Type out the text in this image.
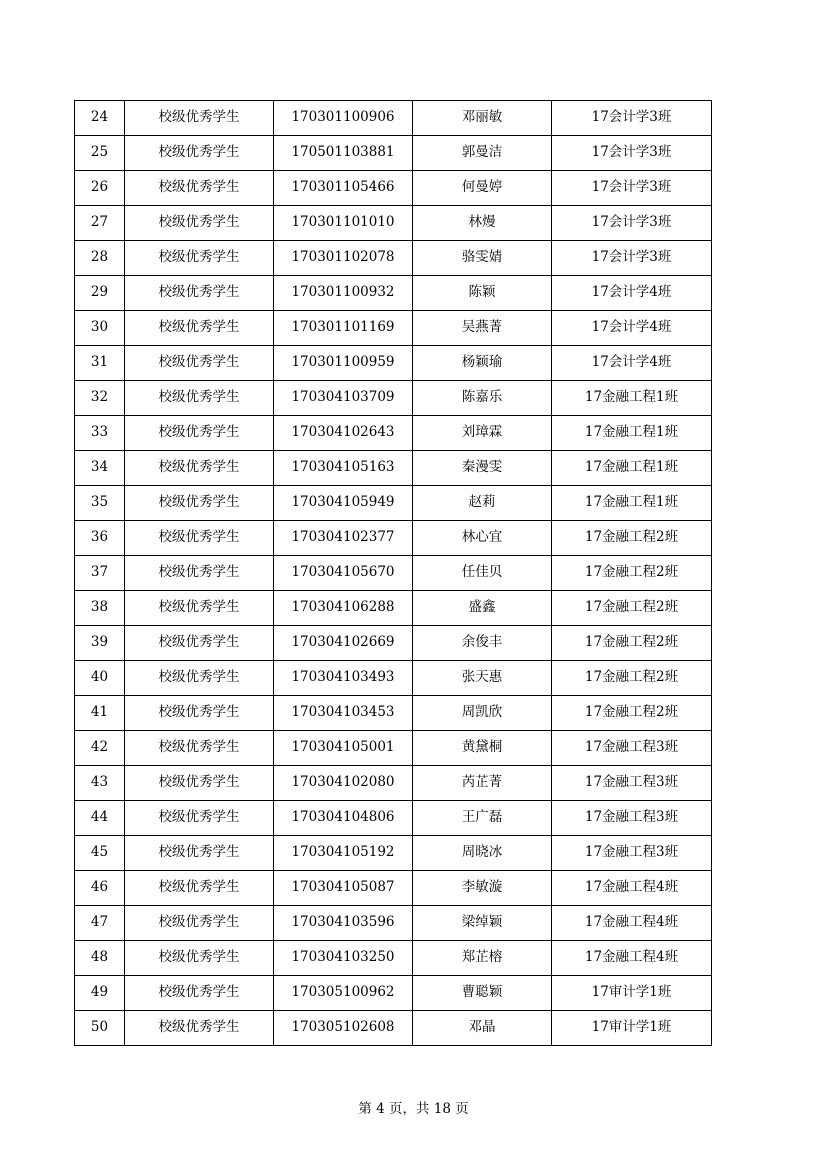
24	校级优秀学生	170301100906	邓丽敏	17会计学3班
25	校级优秀学生	170501103881	郭曼洁	17会计学3班
26	校级优秀学生	170301105466	何曼婷	17会计学3班
27	校级优秀学生	170301101010	林熳	17会计学3班
28	校级优秀学生	170301102078	骆雯婧	17会计学3班
29	校级优秀学生	170301100932	陈颖	17会计学4班
30	校级优秀学生	170301101169	吴燕菁	17会计学4班
31	校级优秀学生	170301100959	杨颖瑜	17会计学4班
32	校级优秀学生	170304103709	陈嘉乐	17金融工程1班
33	校级优秀学生	170304102643	刘璋霖	17金融工程1班
34	校级优秀学生	170304105163	秦漫雯	17金融工程1班
35	校级优秀学生	170304105949	赵莉	17金融工程1班
36	校级优秀学生	170304102377	林心宜	17金融工程2班
37	校级优秀学生	170304105670	任佳贝	17金融工程2班
38	校级优秀学生	170304106288	盛鑫	17金融工程2班
39	校级优秀学生	170304102669	余俊丰	17金融工程2班
40	校级优秀学生	170304103493	张天惠	17金融工程2班
41	校级优秀学生	170304103453	周凯欣	17金融工程2班
42	校级优秀学生	170304105001	黄黛桐	17金融工程3班
43	校级优秀学生	170304102080	芮芷菁	17金融工程3班
44	校级优秀学生	170304104806	王广磊	17金融工程3班
45	校级优秀学生	170304105192	周晓冰	17金融工程3班
46	校级优秀学生	170304105087	李敏漩	17金融工程4班
47	校级优秀学生	170304103596	梁绰颖	17金融工程4班
48	校级优秀学生	170304103250	郑芷榕	17金融工程4班
49	校级优秀学生	170305100962	曹聪颖	17审计学1班
50	校级优秀学生	170305102608	邓晶	17审计学1班
第 4 页，共 18 页
